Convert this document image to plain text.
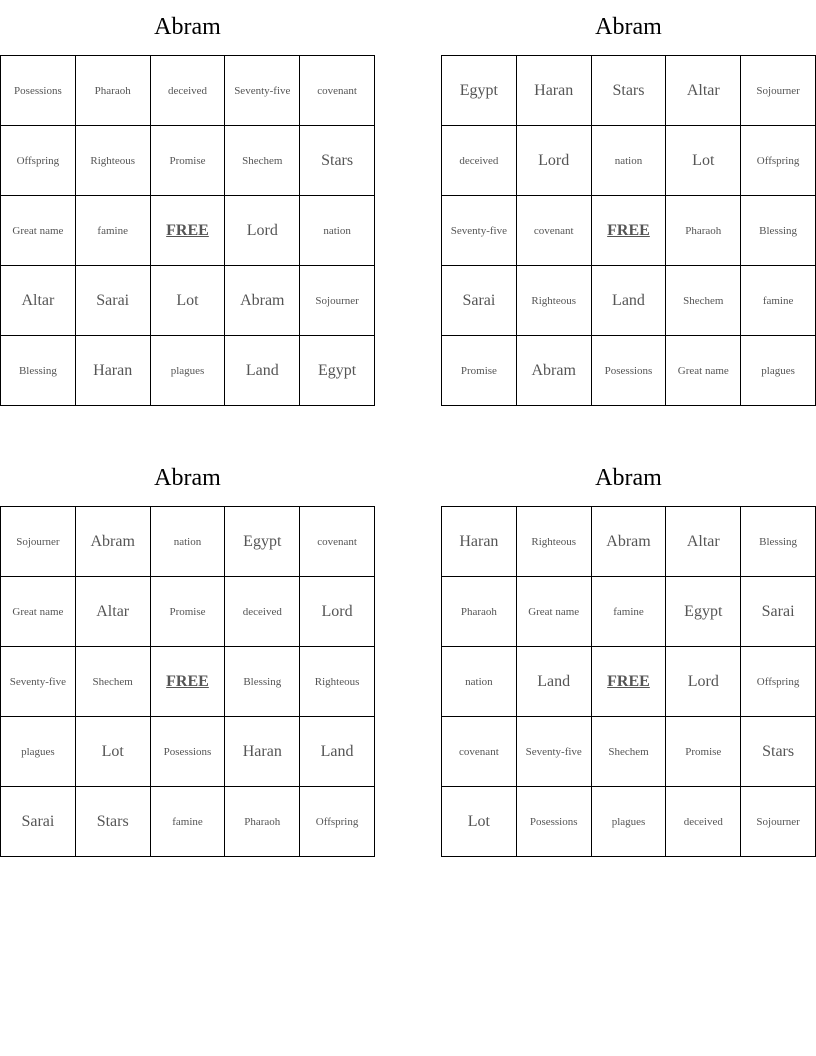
Abram
Posessions	Pharaoh	deceived	Seventy-five	covenant
Offspring	Righteous	Promise	Shechem	Stars
Great name	famine	FREE	Lord	nation
Altar	Sarai	Lot	Abram	Sojourner
Blessing	Haran	plagues	Land	Egypt
Abram
Egypt	Haran	Stars	Altar	Sojourner
deceived	Lord	nation	Lot	Offspring
Seventy-five	covenant	FREE	Pharaoh	Blessing
Sarai	Righteous	Land	Shechem	famine
Promise	Abram	Posessions	Great name	plagues
Abram
Sojourner	Abram	nation	Egypt	covenant
Great name	Altar	Promise	deceived	Lord
Seventy-five	Shechem	FREE	Blessing	Righteous
plagues	Lot	Posessions	Haran	Land
Sarai	Stars	famine	Pharaoh	Offspring
Abram
Haran	Righteous	Abram	Altar	Blessing
Pharaoh	Great name	famine	Egypt	Sarai
nation	Land	FREE	Lord	Offspring
covenant	Seventy-five	Shechem	Promise	Stars
Lot	Posessions	plagues	deceived	Sojourner
